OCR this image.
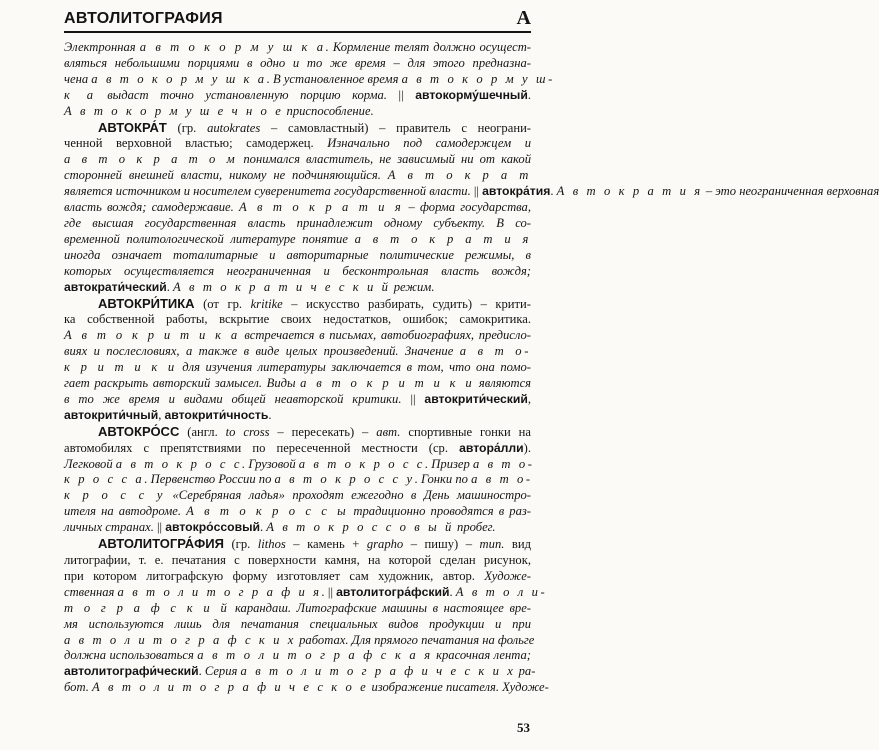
АВТОЛИТОГРАФИЯ	А
Электронная а в т о к о р м у ш к а. Кормление телят должно осущест-
вляться небольшими порциями в одно и то же время – для этого предназна-
чена а в т о к о р м у ш к а. В установленное время а в т о к о р м у ш-
к а выдаст точно установленную порцию корма. || автокорму́шечный.
А в т о к о р м у ш е ч н о е приспособление.
АВТОКРА́Т (гр. autokrates – самовластный) – правитель с неограни-
ченной верховной властью; самодержец. Изначально под самодержцем и
а в т о к р а т о м понимался властитель, не зависимый ни от какой
сторонней внешней власти, никому не подчиняющийся. А в т о к р а т
является источником и носителем суверенитета государственной власти. || автокра́тия. А в т о к р а т и я – это неограниченная верховная
власть вождя; самодержавие. А в т о к р а т и я – форма государства,
где высшая государственная власть принадлежит одному субъекту. В со-
временной политологической литературе понятие а в т о к р а т и я
иногда означает тоталитарные и авторитарные политические режимы, в
которых осуществляется неограниченная и бесконтрольная власть вождя;
автократи́ческий. А в т о к р а т и ч е с к и й режим.
АВТОКРИ́ТИКА (от гр. kritike – искусство разбирать, судить) – крити-
ка собственной работы, вскрытие своих недостатков, ошибок; самокритика.
А в т о к р и т и к а встречается в письмах, автобиографиях, предисло-
виях и послесловиях, а также в виде целых произведений. Значение а в т о-
к р и т и к и для изучения литературы заключается в том, что она помо-
гает раскрыть авторский замысел. Виды а в т о к р и т и к и являются
в то же время и видами общей неавторской критики. || автокрити́ческий,
автокрити́чный, автокрити́чность.
АВТОКРО́СС (англ. to cross – пересекать) – авт. спортивные гонки на
автомобилях с препятствиями по пересеченной местности (ср. автора́лли).
Легковой а в т о к р о с с. Грузовой а в т о к р о с с. Призер а в т о-
к р о с с а. Первенство России по а в т о к р о с с у. Гонки по а в т о-
к р о с с у «Серебряная ладья» проходят ежегодно в День машиностро-
ителя на автодроме. А в т о к р о с с ы традиционно проводятся в раз-
личных странах. || автокро́ссовый. А в т о к р о с с о в ы й пробег.
АВТОЛИТОГРА́ФИЯ (гр. lithos – камень + grapho – пишу) – тип. вид
литографии, т. е. печатания с поверхности камня, на которой сделан рисунок,
при котором литографскую форму изготовляет сам художник, автор. Художе-
ственная а в т о л и т о г р а ф и я. || автолитогра́фский. А в т о л и-
т о г р а ф с к и й карандаш. Литографские машины в настоящее вре-
мя используются лишь для печатания специальных видов продукции и при
а в т о л и т о г р а ф с к и х работах. Для прямого печатания на фольге
должна использоваться а в т о л и т о г р а ф с к а я красочная лента;
автолитографи́ческий. Серия а в т о л и т о г р а ф и ч е с к и х ра-
бот. А в т о л и т о г р а ф и ч е с к о е изображение писателя. Художе-
53
